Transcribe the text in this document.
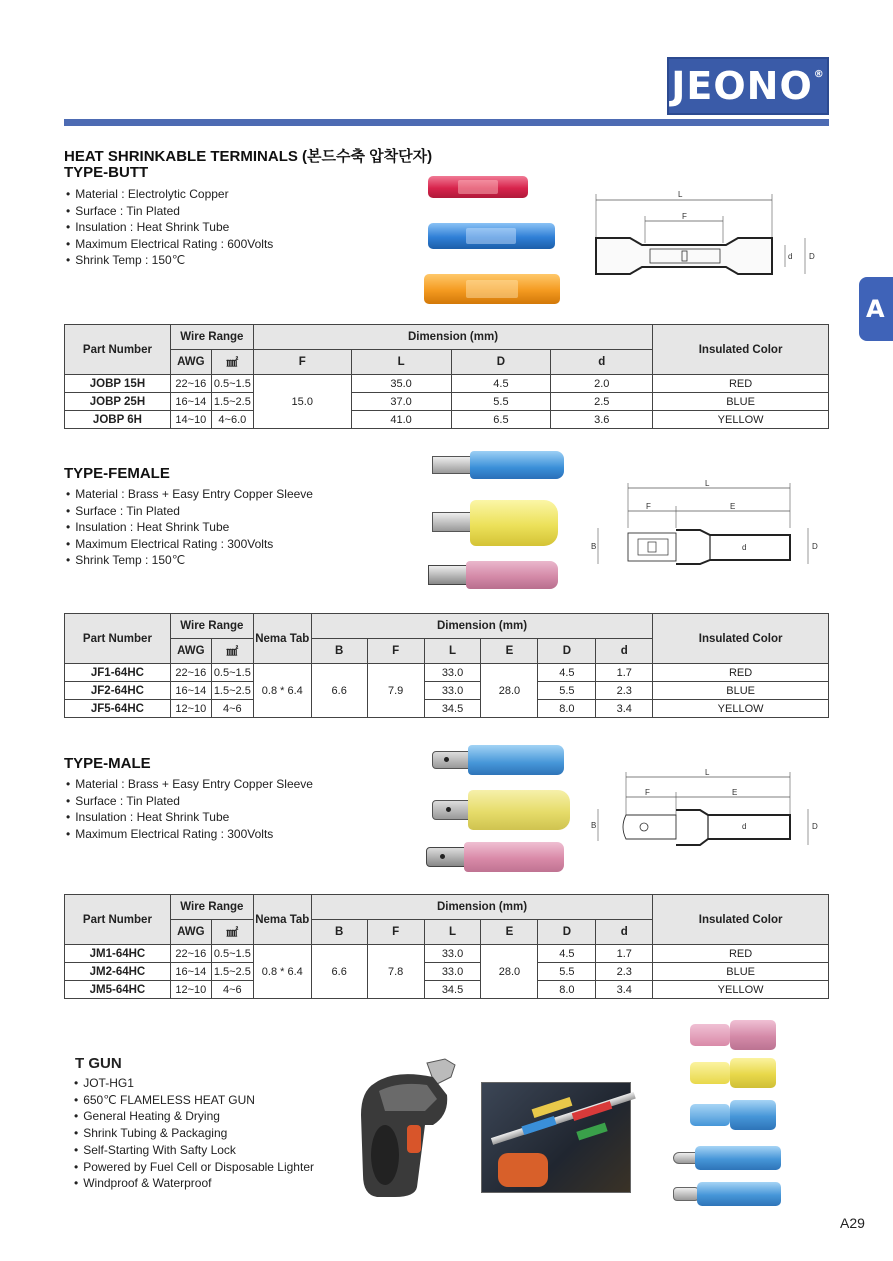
JEONO®
A
HEAT SHRINKABLE TERMINALS (본드수축 압착단자)
TYPE-BUTT
• Material : Electrolytic Copper
• Surface : Tin Plated
• Insulation : Heat Shrink Tube
• Maximum Electrical Rating : 600Volts
• Shrink Temp : 150℃
L
F
d D
Part Number	Wire Range		Dimension (mm)				Insulated Color
	AWG	㎟	F	L	D	d	
JOBP 15H	22~16	0.5~1.5	15.0	35.0	4.5	2.0	RED
JOBP 25H	16~14	1.5~2.5		37.0	5.5	2.5	BLUE
JOBP 6H	14~10	4~6.0		41.0	6.5	3.6	YELLOW
TYPE-FEMALE
• Material : Brass + Easy Entry Copper Sleeve
• Surface : Tin Plated
• Insulation : Heat Shrink Tube
• Maximum Electrical Rating : 300Volts
• Shrink Temp : 150℃
L
F	E
B	d	D
Part Number	Wire Range		Nema Tab	Dimension (mm)						Insulated Color
	AWG	㎟		B	F	L	E	D	d	
JF1-64HC	22~16	0.5~1.5	0.8 * 6.4	6.6	7.9	33.0	28.0	4.5	1.7	RED
JF2-64HC	16~14	1.5~2.5				33.0		5.5	2.3	BLUE
JF5-64HC	12~10	4~6				34.5		8.0	3.4	YELLOW
TYPE-MALE
• Material : Brass + Easy Entry Copper Sleeve
• Surface : Tin Plated
• Insulation : Heat Shrink Tube
• Maximum Electrical Rating : 300Volts
L
F	E
B	d	D
Part Number	Wire Range		Nema Tab	Dimension (mm)						Insulated Color
	AWG	㎟		B	F	L	E	D	d	
JM1-64HC	22~16	0.5~1.5	0.8 * 6.4	6.6	7.8	33.0	28.0	4.5	1.7	RED
JM2-64HC	16~14	1.5~2.5				33.0		5.5	2.3	BLUE
JM5-64HC	12~10	4~6				34.5		8.0	3.4	YELLOW
T GUN
• JOT-HG1
• 650℃ FLAMELESS HEAT GUN
• General Heating & Drying
• Shrink Tubing & Packaging
• Self-Starting With Safty Lock
• Powered by Fuel Cell or Disposable Lighter
• Windproof & Waterproof
A29
